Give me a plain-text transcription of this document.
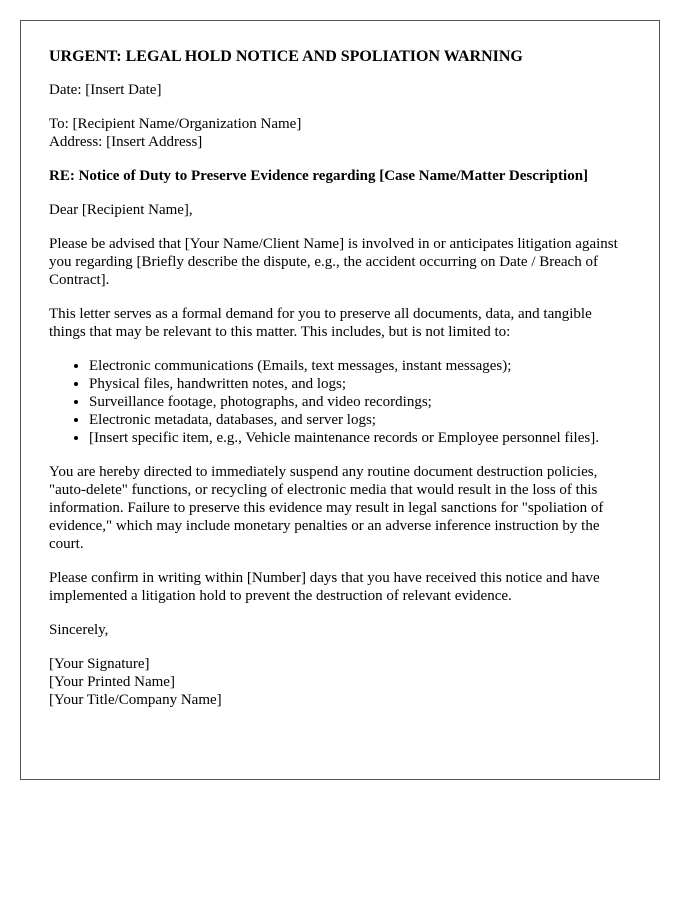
URGENT: LEGAL HOLD NOTICE AND SPOLIATION WARNING

Date: [Insert Date]

To: [Recipient Name/Organization Name]
Address: [Insert Address]

RE: Notice of Duty to Preserve Evidence regarding [Case Name/Matter Description]

Dear [Recipient Name],

Please be advised that [Your Name/Client Name] is involved in or anticipates litigation against you regarding [Briefly describe the dispute, e.g., the accident occurring on Date / Breach of Contract].

This letter serves as a formal demand for you to preserve all documents, data, and tangible things that may be relevant to this matter. This includes, but is not limited to:

• Electronic communications (Emails, text messages, instant messages);
• Physical files, handwritten notes, and logs;
• Surveillance footage, photographs, and video recordings;
• Electronic metadata, databases, and server logs;
• [Insert specific item, e.g., Vehicle maintenance records or Employee personnel files].

You are hereby directed to immediately suspend any routine document destruction policies, "auto-delete" functions, or recycling of electronic media that would result in the loss of this information. Failure to preserve this evidence may result in legal sanctions for "spoliation of evidence," which may include monetary penalties or an adverse inference instruction by the court.

Please confirm in writing within [Number] days that you have received this notice and have implemented a litigation hold to prevent the destruction of relevant evidence.

Sincerely,

[Your Signature]
[Your Printed Name]
[Your Title/Company Name]
